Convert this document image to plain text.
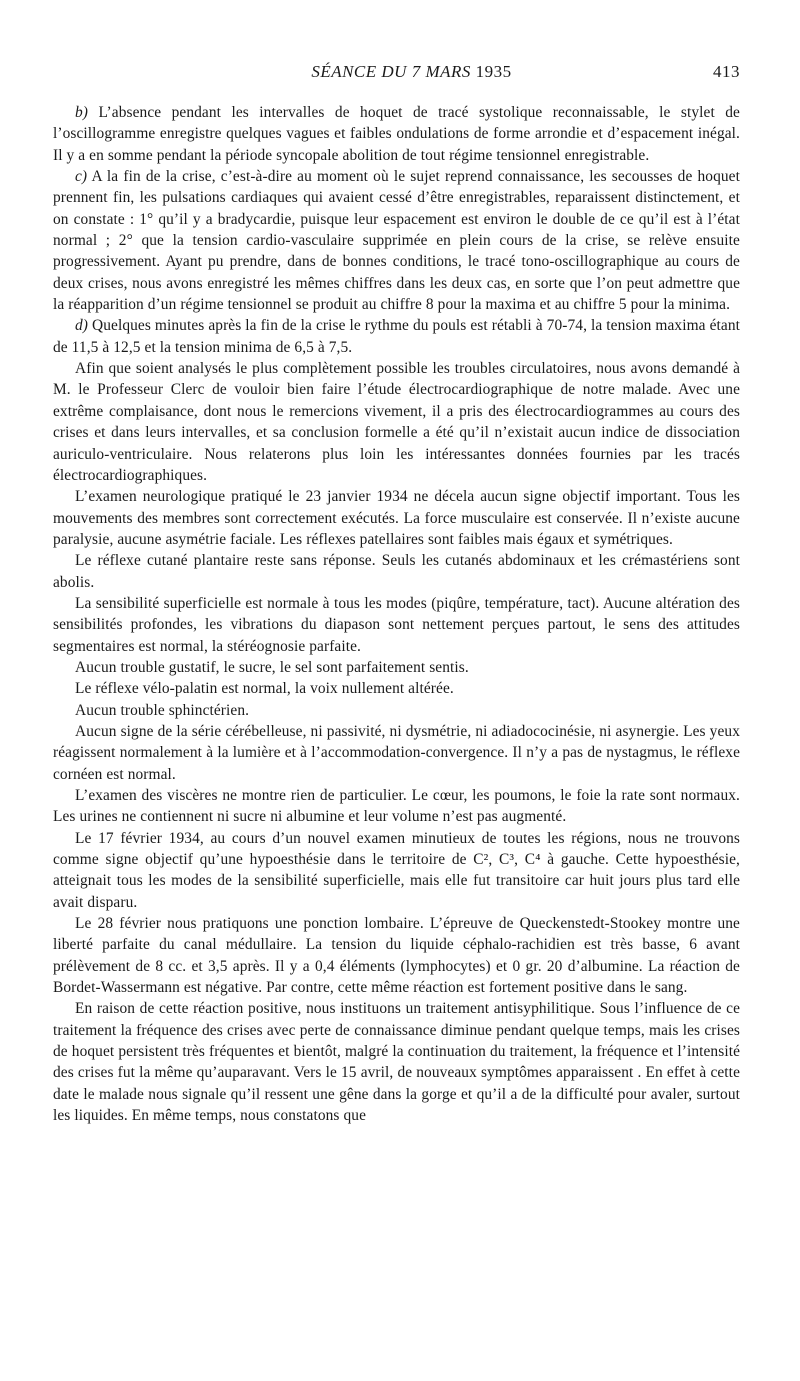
SÉANCE DU 7 MARS 1935	413

b) L’absence pendant les intervalles de hoquet de tracé systolique reconnaissable, le stylet de l’oscillogramme enregistre quelques vagues et faibles ondulations de forme arrondie et d’espacement inégal. Il y a en somme pendant la période syncopale abolition de tout régime tensionnel enregistrable.

c) A la fin de la crise, c’est-à-dire au moment où le sujet reprend connaissance, les secousses de hoquet prennent fin, les pulsations cardiaques qui avaient cessé d’être enregistrables, reparaissent distinctement, et on constate : 1° qu’il y a bradycardie, puisque leur espacement est environ le double de ce qu’il est à l’état normal ; 2° que la tension cardio-vasculaire supprimée en plein cours de la crise, se relève ensuite progressivement. Ayant pu prendre, dans de bonnes conditions, le tracé tono-oscillographique au cours de deux crises, nous avons enregistré les mêmes chiffres dans les deux cas, en sorte que l’on peut admettre que la réapparition d’un régime tensionnel se produit au chiffre 8 pour la maxima et au chiffre 5 pour la minima.

d) Quelques minutes après la fin de la crise le rythme du pouls est rétabli à 70-74, la tension maxima étant de 11,5 à 12,5 et la tension minima de 6,5 à 7,5.

Afin que soient analysés le plus complètement possible les troubles circulatoires, nous avons demandé à M. le Professeur Clerc de vouloir bien faire l’étude électrocardiographique de notre malade. Avec une extrême complaisance, dont nous le remercions vivement, il a pris des électrocardiogrammes au cours des crises et dans leurs intervalles, et sa conclusion formelle a été qu’il n’existait aucun indice de dissociation auriculo-ventriculaire. Nous relaterons plus loin les intéressantes données fournies par les tracés électrocardiographiques.

L’examen neurologique pratiqué le 23 janvier 1934 ne décela aucun signe objectif important. Tous les mouvements des membres sont correctement exécutés. La force musculaire est conservée. Il n’existe aucune paralysie, aucune asymétrie faciale. Les réflexes patellaires sont faibles mais égaux et symétriques.

Le réflexe cutané plantaire reste sans réponse. Seuls les cutanés abdominaux et les crémastériens sont abolis.

La sensibilité superficielle est normale à tous les modes (piqûre, température, tact). Aucune altération des sensibilités profondes, les vibrations du diapason sont nettement perçues partout, le sens des attitudes segmentaires est normal, la stéréognosie parfaite.

Aucun trouble gustatif, le sucre, le sel sont parfaitement sentis.

Le réflexe vélo-palatin est normal, la voix nullement altérée.

Aucun trouble sphinctérien.

Aucun signe de la série cérébelleuse, ni passivité, ni dysmétrie, ni adiadococinésie, ni asynergie. Les yeux réagissent normalement à la lumière et à l’accommodation-convergence. Il n’y a pas de nystagmus, le réflexe cornéen est normal.

L’examen des viscères ne montre rien de particulier. Le cœur, les poumons, le foie la rate sont normaux. Les urines ne contiennent ni sucre ni albumine et leur volume n’est pas augmenté.

Le 17 février 1934, au cours d’un nouvel examen minutieux de toutes les régions, nous ne trouvons comme signe objectif qu’une hypoesthésie dans le territoire de C², C³, C⁴ à gauche. Cette hypoesthésie, atteignait tous les modes de la sensibilité superficielle, mais elle fut transitoire car huit jours plus tard elle avait disparu.

Le 28 février nous pratiquons une ponction lombaire. L’épreuve de Queckenstedt-Stookey montre une liberté parfaite du canal médullaire. La tension du liquide céphalo-rachidien est très basse, 6 avant prélèvement de 8 cc. et 3,5 après. Il y a 0,4 éléments (lymphocytes) et 0 gr. 20 d’albumine. La réaction de Bordet-Wassermann est négative. Par contre, cette même réaction est fortement positive dans le sang.

En raison de cette réaction positive, nous instituons un traitement antisyphilitique. Sous l’influence de ce traitement la fréquence des crises avec perte de connaissance diminue pendant quelque temps, mais les crises de hoquet persistent très fréquentes et bientôt, malgré la continuation du traitement, la fréquence et l’intensité des crises fut la même qu’auparavant. Vers le 15 avril, de nouveaux symptômes apparaissent . En effet à cette date le malade nous signale qu’il ressent une gêne dans la gorge et qu’il a de la difficulté pour avaler, surtout les liquides. En même temps, nous constatons que
